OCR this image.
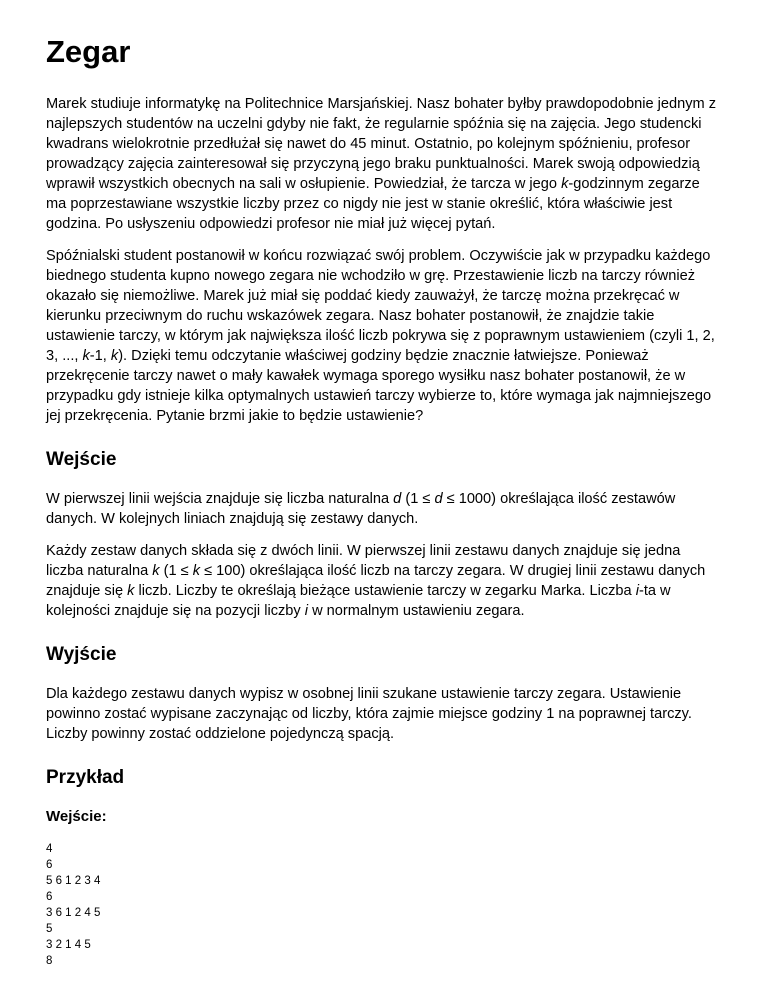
Zegar

Marek studiuje informatykę na Politechnice Marsjańskiej. Nasz bohater byłby prawdopodobnie jednym z najlepszych studentów na uczelni gdyby nie fakt, że regularnie spóźnia się na zajęcia. Jego studencki kwadrans wielokrotnie przedłużał się nawet do 45 minut. Ostatnio, po kolejnym spóźnieniu, profesor prowadzący zajęcia zainteresował się przyczyną jego braku punktualności. Marek swoją odpowiedzią wprawił wszystkich obecnych na sali w osłupienie. Powiedział, że tarcza w jego k-godzinnym zegarze ma poprzestawiane wszystkie liczby przez co nigdy nie jest w stanie określić, która właściwie jest godzina. Po usłyszeniu odpowiedzi profesor nie miał już więcej pytań.

Spóźnialski student postanowił w końcu rozwiązać swój problem. Oczywiście jak w przypadku każdego biednego studenta kupno nowego zegara nie wchodziło w grę. Przestawienie liczb na tarczy również okazało się niemożliwe. Marek już miał się poddać kiedy zauważył, że tarczę można przekręcać w kierunku przeciwnym do ruchu wskazówek zegara. Nasz bohater postanowił, że znajdzie takie ustawienie tarczy, w którym jak największa ilość liczb pokrywa się z poprawnym ustawieniem (czyli 1, 2, 3, ..., k-1, k). Dzięki temu odczytanie właściwej godziny będzie znacznie łatwiejsze. Ponieważ przekręcenie tarczy nawet o mały kawałek wymaga sporego wysiłku nasz bohater postanowił, że w przypadku gdy istnieje kilka optymalnych ustawień tarczy wybierze to, które wymaga jak najmniejszego jej przekręcenia. Pytanie brzmi jakie to będzie ustawienie?

Wejście

W pierwszej linii wejścia znajduje się liczba naturalna d (1 ≤ d ≤ 1000) określająca ilość zestawów danych. W kolejnych liniach znajdują się zestawy danych.

Każdy zestaw danych składa się z dwóch linii. W pierwszej linii zestawu danych znajduje się jedna liczba naturalna k (1 ≤ k ≤ 100) określająca ilość liczb na tarczy zegara. W drugiej linii zestawu danych znajduje się k liczb. Liczby te określają bieżące ustawienie tarczy w zegarku Marka. Liczba i-ta w kolejności znajduje się na pozycji liczby i w normalnym ustawieniu zegara.

Wyjście

Dla każdego zestawu danych wypisz w osobnej linii szukane ustawienie tarczy zegara. Ustawienie powinno zostać wypisane zaczynając od liczby, która zajmie miejsce godziny 1 na poprawnej tarczy. Liczby powinny zostać oddzielone pojedynczą spacją.

Przykład
Wejście:
4
6
5 6 1 2 3 4
6
3 6 1 2 4 5
5
3 2 1 4 5
8
